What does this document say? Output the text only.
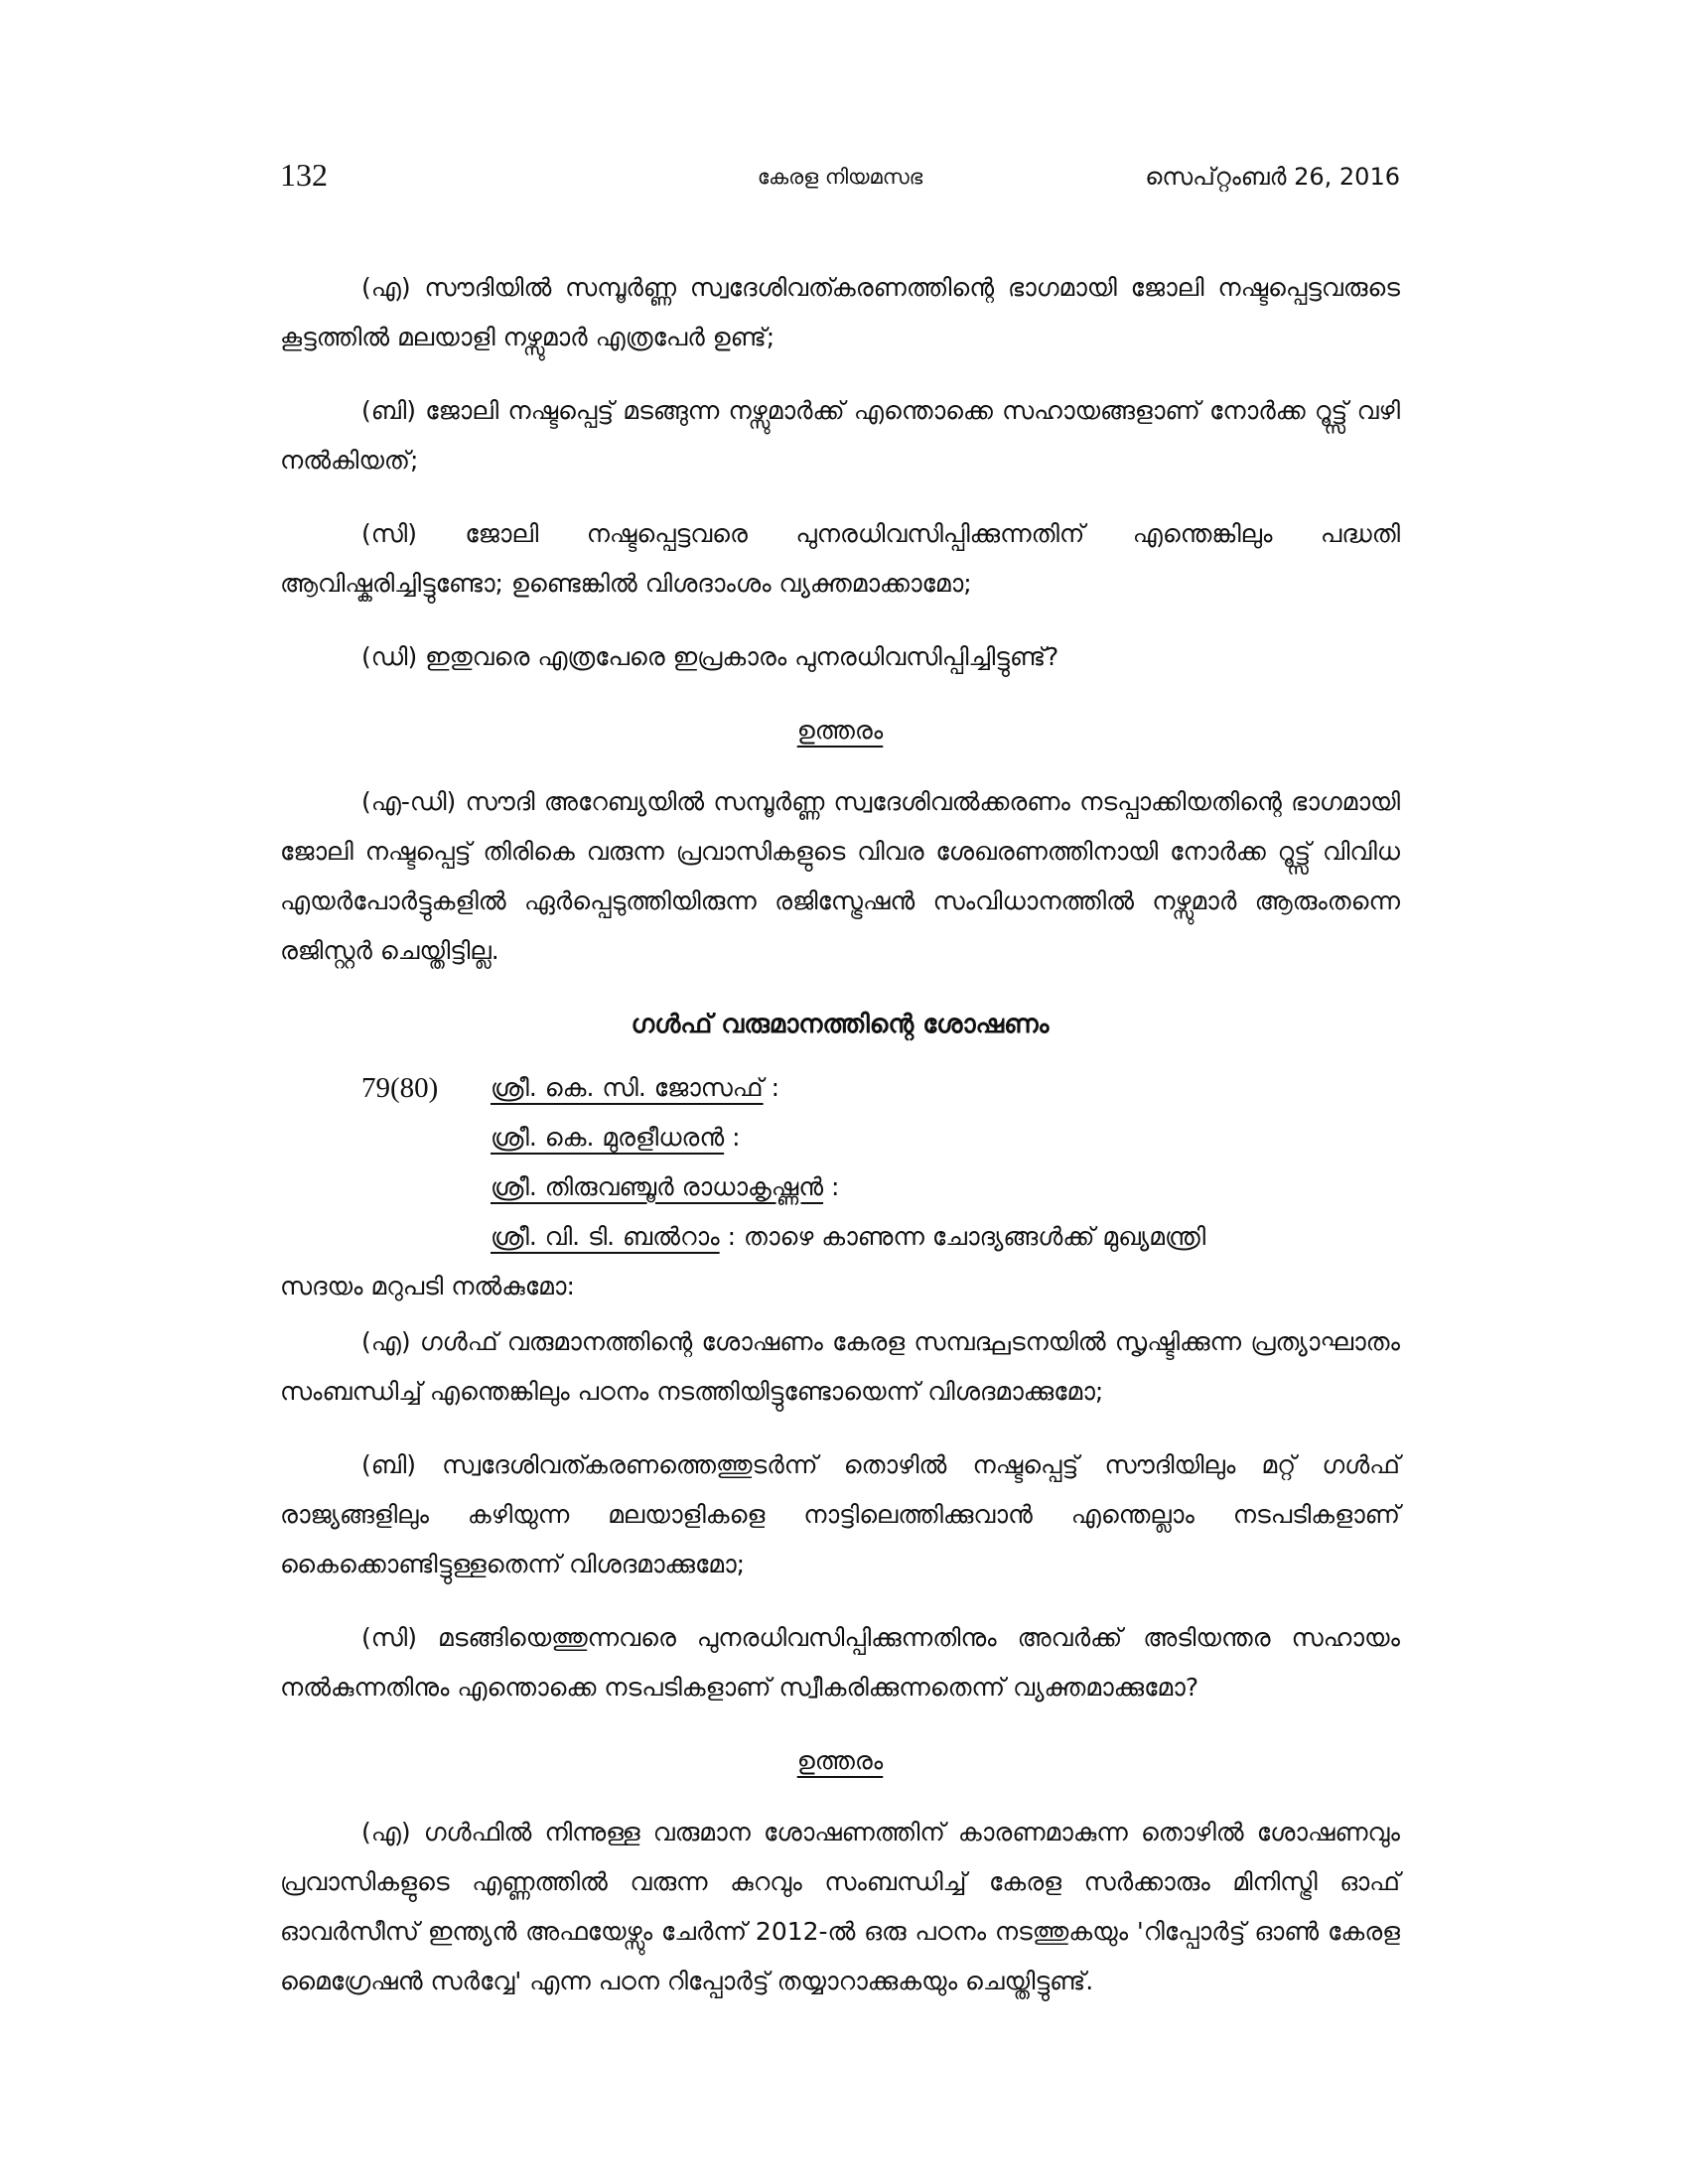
132	കേരള നിയമസഭ	സെപ്റ്റംബർ 26, 2016

(എ) സൗദിയിൽ സമ്പൂർണ്ണ സ്വദേശിവത്കരണത്തിന്റെ ഭാഗമായി ജോലി നഷ്ടപ്പെട്ടവരുടെ കൂട്ടത്തിൽ മലയാളി നഴ്സുമാർ എത്രപേർ ഉണ്ട്;

(ബി) ജോലി നഷ്ടപ്പെട്ട് മടങ്ങുന്ന നഴ്സുമാർക്ക് എന്തൊക്കെ സഹായങ്ങളാണ് നോർക്ക റൂട്ട്സ് വഴി നൽകിയത്;

(സി) ജോലി നഷ്ടപ്പെട്ടവരെ പുനരധിവസിപ്പിക്കുന്നതിന് എന്തെങ്കിലും പദ്ധതി ആവിഷ്കരിച്ചിട്ടുണ്ടോ; ഉണ്ടെങ്കിൽ വിശദാംശം വ്യക്തമാക്കാമോ;

(ഡി) ഇതുവരെ എത്രപേരെ ഇപ്രകാരം പുനരധിവസിപ്പിച്ചിട്ടുണ്ട്?

ഉത്തരം

(എ-ഡി) സൗദി അറേബ്യയിൽ സമ്പൂർണ്ണ സ്വദേശിവൽക്കരണം നടപ്പാക്കിയതിന്റെ ഭാഗമായി ജോലി നഷ്ടപ്പെട്ട് തിരികെ വരുന്ന പ്രവാസികളുടെ വിവര ശേഖരണത്തിനായി നോർക്ക റൂട്ട്സ് വിവിധ എയർപോർട്ടുകളിൽ ഏർപ്പെടുത്തിയിരുന്ന രജിസ്ട്രേഷൻ സംവിധാനത്തിൽ നഴ്സുമാർ ആരുംതന്നെ രജിസ്റ്റർ ചെയ്തിട്ടില്ല.

ഗൾഫ് വരുമാനത്തിന്റെ ശോഷണം
79(80) ശ്രീ. കെ. സി. ജോസഫ് :
ശ്രീ. കെ. മുരളീധരൻ :
ശ്രീ. തിരുവഞ്ചൂർ രാധാകൃഷ്ണൻ :
ശ്രീ. വി. ടി. ബൽറാം : താഴെ കാണുന്ന ചോദ്യങ്ങൾക്ക് മുഖ്യമന്ത്രി
സദയം മറുപടി നൽകുമോ:

(എ) ഗൾഫ് വരുമാനത്തിന്റെ ശോഷണം കേരള സമ്പദ്ഘടനയിൽ സൃഷ്ടിക്കുന്ന പ്രത്യാഘാതം സംബന്ധിച്ച് എന്തെങ്കിലും പഠനം നടത്തിയിട്ടുണ്ടോയെന്ന് വിശദമാക്കുമോ;

(ബി) സ്വദേശിവത്കരണത്തെത്തുടർന്ന് തൊഴിൽ നഷ്ടപ്പെട്ട് സൗദിയിലും മറ്റ് ഗൾഫ് രാജ്യങ്ങളിലും കഴിയുന്ന മലയാളികളെ നാട്ടിലെത്തിക്കുവാൻ എന്തെല്ലാം നടപടികളാണ് കൈക്കൊണ്ടിട്ടുള്ളതെന്ന് വിശദമാക്കുമോ;

(സി) മടങ്ങിയെത്തുന്നവരെ പുനരധിവസിപ്പിക്കുന്നതിനും അവർക്ക് അടിയന്തര സഹായം നൽകുന്നതിനും എന്തൊക്കെ നടപടികളാണ് സ്വീകരിക്കുന്നതെന്ന് വ്യക്തമാക്കുമോ?

ഉത്തരം

(എ) ഗൾഫിൽ നിന്നുള്ള വരുമാന ശോഷണത്തിന് കാരണമാകുന്ന തൊഴിൽ ശോഷണവും പ്രവാസികളുടെ എണ്ണത്തിൽ വരുന്ന കുറവും സംബന്ധിച്ച് കേരള സർക്കാരും മിനിസ്ട്രി ഓഫ് ഓവർസീസ് ഇന്ത്യൻ അഫയേഴ്സും ചേർന്ന് 2012-ൽ ഒരു പഠനം നടത്തുകയും 'റിപ്പോർട്ട് ഓൺ കേരള മൈഗ്രേഷൻ സർവ്വേ' എന്ന പഠന റിപ്പോർട്ട് തയ്യാറാക്കുകയും ചെയ്തിട്ടുണ്ട്.
